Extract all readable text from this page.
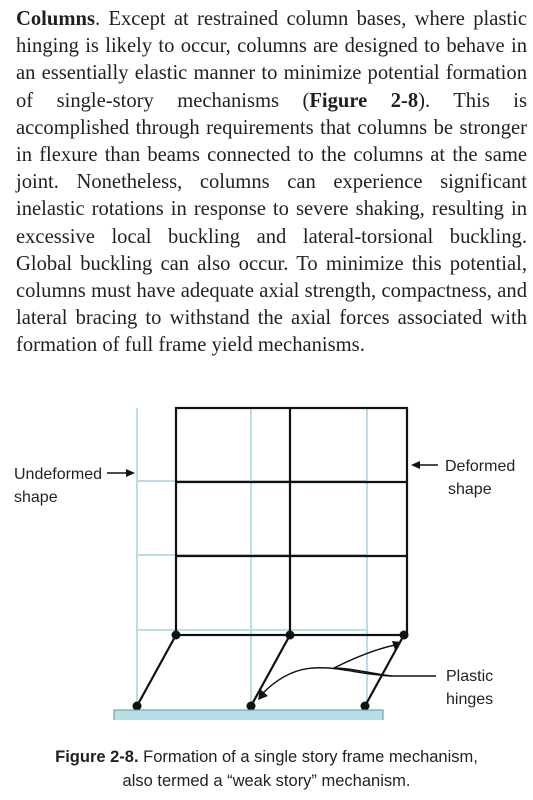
Columns. Except at restrained column bases, where plastic hinging is likely to occur, columns are designed to behave in an essentially elastic manner to minimize potential formation of single-story mechanisms (Figure 2-8). This is accomplished through requirements that columns be stronger in flexure than beams connected to the columns at the same joint. Nonetheless, columns can experience significant inelastic rotations in response to severe shaking, resulting in excessive local buckling and lateral-torsional buckling. Global buckling can also occur. To minimize this potential, columns must have adequate axial strength, compactness, and lateral bracing to withstand the axial forces associated with formation of full frame yield mechanisms.

Undeformed
shape
Deformed
shape
Plastic
hinges
Figure 2-8. Formation of a single story frame mechanism,
also termed a “weak story” mechanism.
